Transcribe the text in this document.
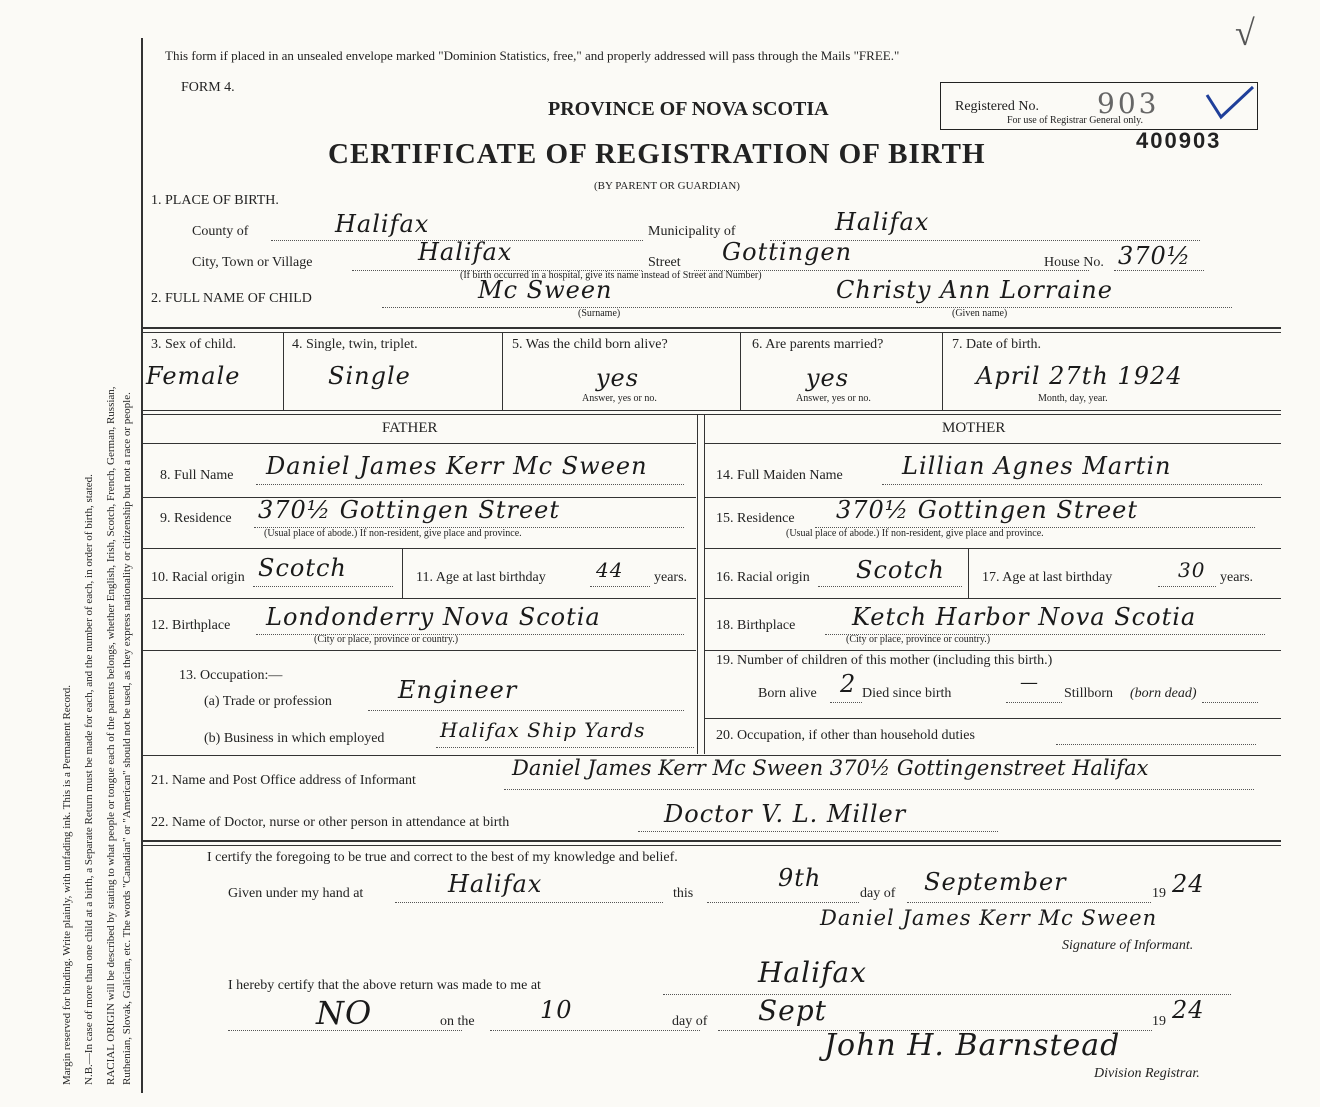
Margin reserved for binding. Write plainly, with unfading ink. This is a Permanent Record. N.B.—In case of more than one child at a birth, a Separate Return must be made for each, and the number of each, in order of birth, stated. RACIAL ORIGIN will be described by stating to what people or tongue each of the parents belongs, whether English, Irish, Scotch, French, German, Russian, Ruthenian, Slovak, Galician, etc. The words "Canadian" or "American" should not be used, as they express nationality or citizenship but not a race or people.
This form if placed in an unsealed envelope marked "Dominion Statistics, free," and properly addressed will pass through the Mails "FREE."
FORM 4.
PROVINCE OF NOVA SCOTIA
CERTIFICATE OF REGISTRATION OF BIRTH
(BY PARENT OR GUARDIAN)
√
Registered No. 903
For use of Registrar General only.
400903
1. PLACE OF BIRTH.
County of	Halifax	Municipality of	Halifax
City, Town or Village	Halifax	Street Gottingen	House No. 370½
(If birth occurred in a hospital, give its name instead of Street and Number)
2. FULL NAME OF CHILD	Mc Sween
(Surname)
Christy Ann Lorraine
(Given name)
3. Sex of child.
Female
4. Single, twin, triplet.
Single
5. Was the child born alive?
yes
Answer, yes or no.
6. Are parents married?
yes
Answer, yes or no.
7. Date of birth.
April 27th 1924
Month, day, year.
FATHER	MOTHER
8. Full Name Daniel James Kerr Mc Sween
9. Residence 370½ Gottingen Street
(Usual place of abode.) If non-resident, give place and province.
10. Racial origin Scotch	11. Age at last birthday	44 years.
12. Birthplace Londonderry Nova Scotia
(City or place, province or country.)
13. Occupation:—
(a) Trade or profession	Engineer
(b) Business in which employed	Halifax Ship Yards
14. Full Maiden Name Lillian Agnes Martin
15. Residence 370½ Gottingen Street
(Usual place of abode.) If non-resident, give place and province.
16. Racial origin Scotch	17. Age at last birthday	30 years.
18. Birthplace Ketch Harbor Nova Scotia
(City or place, province or country.)
19. Number of children of this mother (including this birth.)
Born alive 2 Died since birth
—
Stillborn (born dead)
20. Occupation, if other than household duties
21. Name and Post Office address of Informant
Daniel James Kerr Mc Sween 370½ Gottingenstreet Halifax
22. Name of Doctor, nurse or other person in attendance at birth	Doctor V. L. Miller
I certify the foregoing to be true and correct to the best of my knowledge and belief.
Given under my hand at	Halifax	this
9th
day of September	19 24
Daniel James Kerr Mc Sween
Signature of Informant.
I hereby certify that the above return was made to me at	Halifax
NO	on the	10	day of Sept	19 24
John H. Barnstead
Division Registrar.
